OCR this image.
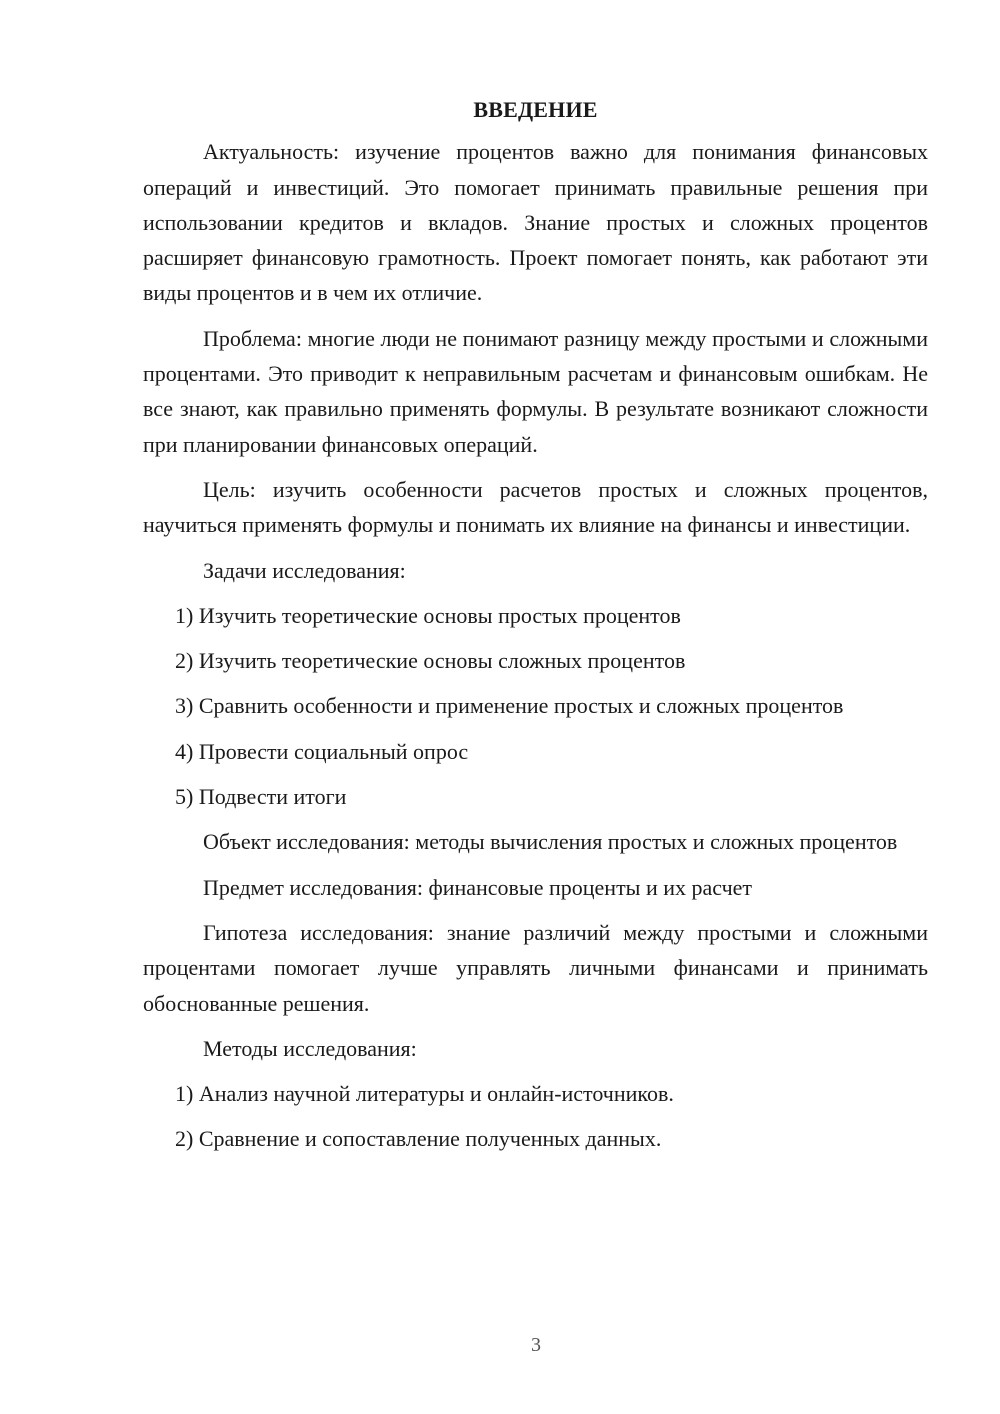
ВВЕДЕНИЕ

Актуальность: изучение процентов важно для понимания финансовых операций и инвестиций. Это помогает принимать правильные решения при использовании кредитов и вкладов. Знание простых и сложных процентов расширяет финансовую грамотность. Проект помогает понять, как работают эти виды процентов и в чем их отличие.

Проблема: многие люди не понимают разницу между простыми и сложными процентами. Это приводит к неправильным расчетам и финансовым ошибкам. Не все знают, как правильно применять формулы. В результате возникают сложности при планировании финансовых операций.

Цель: изучить особенности расчетов простых и сложных процентов, научиться применять формулы и понимать их влияние на финансы и инвестиции.

Задачи исследования:

1) Изучить теоретические основы простых процентов
2) Изучить теоретические основы сложных процентов
3) Сравнить особенности и применение простых и сложных процентов
4) Провести социальный опрос
5) Подвести итоги

Объект исследования: методы вычисления простых и сложных процентов

Предмет исследования: финансовые проценты и их расчет

Гипотеза исследования: знание различий между простыми и сложными процентами помогает лучше управлять личными финансами и принимать обоснованные решения.

Методы исследования:

1) Анализ научной литературы и онлайн-источников.
2) Сравнение и сопоставление полученных данных.
3
